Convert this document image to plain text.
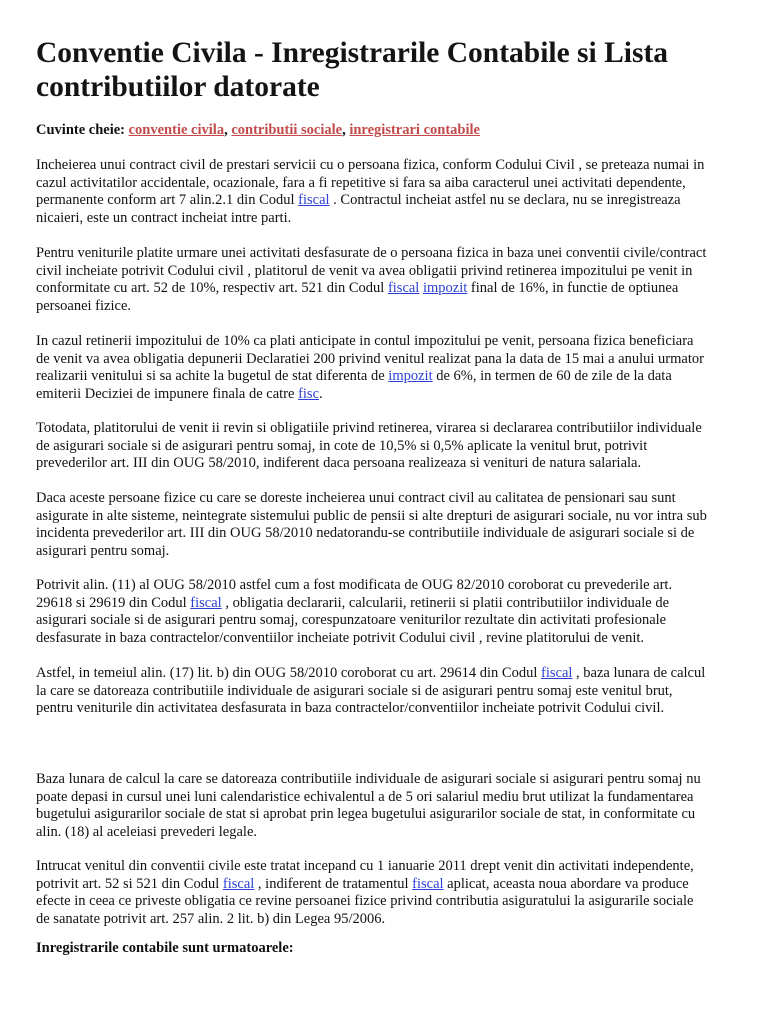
Conventie Civila - Inregistrarile Contabile si Lista contributiilor datorate
Cuvinte cheie: conventie civila, contributii sociale, inregistrari contabile
Incheierea unui contract civil de prestari servicii cu o persoana fizica, conform Codului Civil , se preteaza numai in
cazul activitatilor accidentale, ocazionale, fara a fi repetitive si fara sa aiba caracterul unei activitati dependente,
permanente conform art 7 alin.2.1 din Codul fiscal . Contractul incheiat astfel nu se declara, nu se inregistreaza
nicaieri, este un contract incheiat intre parti.
Pentru veniturile platite urmare unei activitati desfasurate de o persoana fizica in baza unei conventii civile/contract
civil incheiate potrivit Codului civil , platitorul de venit va avea obligatii privind retinerea impozitului pe venit in
conformitate cu art. 52 de 10%, respectiv art. 521 din Codul fiscal impozit final de 16%, in functie de optiunea
persoanei fizice.
In cazul retinerii impozitului de 10% ca plati anticipate in contul impozitului pe venit, persoana fizica beneficiara
de venit va avea obligatia depunerii Declaratiei 200 privind venitul realizat pana la data de 15 mai a anului urmator
realizarii venitului si sa achite la bugetul de stat diferenta de impozit de 6%, in termen de 60 de zile de la data
emiterii Deciziei de impunere finala de catre fisc.
Totodata, platitorului de venit ii revin si obligatiile privind retinerea, virarea si declararea contributiilor individuale
de asigurari sociale si de asigurari pentru somaj, in cote de 10,5% si 0,5% aplicate la venitul brut, potrivit
prevederilor art. III din OUG 58/2010, indiferent daca persoana realizeaza si venituri de natura salariala.
Daca aceste persoane fizice cu care se doreste incheierea unui contract civil au calitatea de pensionari sau sunt
asigurate in alte sisteme, neintegrate sistemului public de pensii si alte drepturi de asigurari sociale, nu vor intra sub
incidenta prevederilor art. III din OUG 58/2010 nedatorandu-se contributiile individuale de asigurari sociale si de
asigurari pentru somaj.
Potrivit alin. (11) al OUG 58/2010 astfel cum a fost modificata de OUG 82/2010 coroborat cu prevederile art.
29618 si 29619 din Codul fiscal , obligatia declararii, calcularii, retinerii si platii contributiilor individuale de
asigurari sociale si de asigurari pentru somaj, corespunzatoare veniturilor rezultate din activitati profesionale
desfasurate in baza contractelor/conventiilor incheiate potrivit Codului civil , revine platitorului de venit.
Astfel, in temeiul alin. (17) lit. b) din OUG 58/2010 coroborat cu art. 29614 din Codul fiscal , baza lunara de calcul
la care se datoreaza contributiile individuale de asigurari sociale si de asigurari pentru somaj este venitul brut,
pentru veniturile din activitatea desfasurata in baza contractelor/conventiilor incheiate potrivit Codului civil.
Baza lunara de calcul la care se datoreaza contributiile individuale de asigurari sociale si asigurari pentru somaj nu
poate depasi in cursul unei luni calendaristice echivalentul a de 5 ori salariul mediu brut utilizat la fundamentarea
bugetului asigurarilor sociale de stat si aprobat prin legea bugetului asigurarilor sociale de stat, in conformitate cu
alin. (18) al aceleiasi prevederi legale.
Intrucat venitul din conventii civile este tratat incepand cu 1 ianuarie 2011 drept venit din activitati independente,
potrivit art. 52 si 521 din Codul fiscal , indiferent de tratamentul fiscal aplicat, aceasta noua abordare va produce
efecte in ceea ce priveste obligatia ce revine persoanei fizice privind contributia asiguratului la asigurarile sociale
de sanatate potrivit art. 257 alin. 2 lit. b) din Legea 95/2006.
Inregistrarile contabile sunt urmatoarele:
